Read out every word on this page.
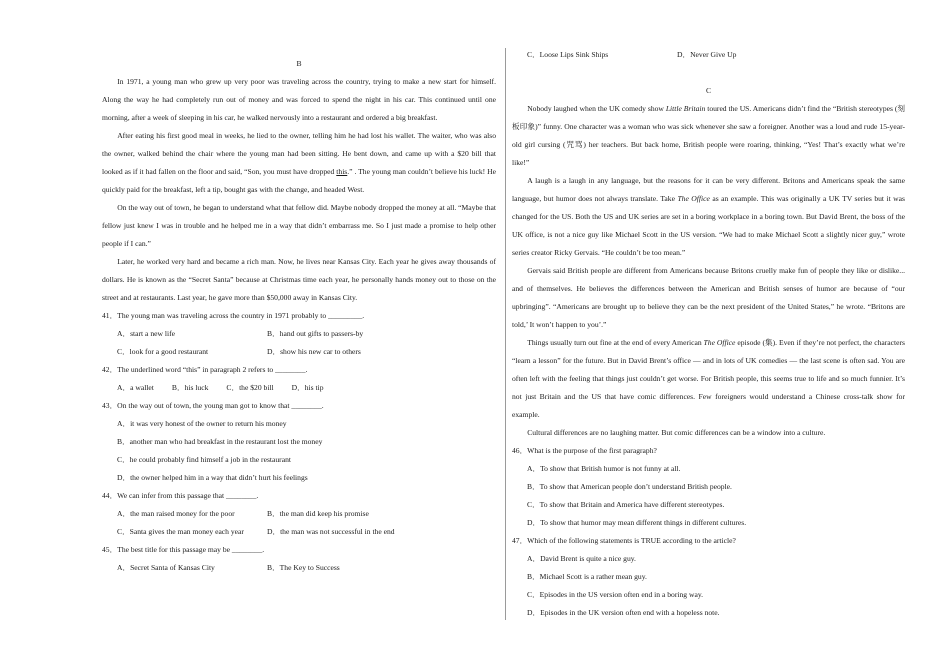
B

In 1971, a young man who grew up very poor was traveling across the country, trying to make a new start for himself. Along the way he had completely run out of money and was forced to spend the night in his car. This continued until one morning, after a week of sleeping in his car, he walked nervously into a restaurant and ordered a big breakfast.

After eating his first good meal in weeks, he lied to the owner, telling him he had lost his wallet. The waiter, who was also the owner, walked behind the chair where the young man had been sitting. He bent down, and came up with a $20 bill that looked as if it had fallen on the floor and said, “Son, you must have dropped this.” . The young man couldn’t believe his luck! He quickly paid for the breakfast, left a tip, bought gas with the change, and headed West.

On the way out of town, he began to understand what that fellow did. Maybe nobody dropped the money at all. “Maybe that fellow just knew I was in trouble and he helped me in a way that didn’t embarrass me. So I just made a promise to help other people if I can.”

Later, he worked very hard and became a rich man. Now, he lives near Kansas City. Each year he gives away thousands of dollars. He is known as the “Secret Santa” because at Christmas time each year, he personally hands money out to those on the street and at restaurants. Last year, he gave more than $50,000 away in Kansas City.

41．The young man was traveling across the country in 1971 probably to _________.
A．start a new life	B．hand out gifts to passers-by
C．look for a good restaurant	D．show his new car to others
42．The underlined word “this” in paragraph 2 refers to ________.
A．a wallet B．his luck C．the $20 bill D．his tip
43．On the way out of town, the young man got to know that ________.
A．it was very honest of the owner to return his money
B．another man who had breakfast in the restaurant lost the money
C．he could probably find himself a job in the restaurant
D．the owner helped him in a way that didn’t hurt his feelings
44．We can infer from this passage that ________.
A．the man raised money for the poor	B．the man did keep his promise
C．Santa gives the man money each year	D．the man was not successful in the end
45．The best title for this passage may be ________.
A．Secret Santa of Kansas City	B．The Key to Success
C．Loose Lips Sink Ships	D．Never Give Up
C

Nobody laughed when the UK comedy show Little Britain toured the US. Americans didn’t find the “British stereotypes (刻板印象)” funny. One character was a woman who was sick whenever she saw a foreigner. Another was a loud and rude 15-year-old girl cursing (咒骂) her teachers. But back home, British people were roaring, thinking, “Yes! That’s exactly what we’re like!”

A laugh is a laugh in any language, but the reasons for it can be very different. Britons and Americans speak the same language, but humor does not always translate. Take The Office as an example. This was originally a UK TV series but it was changed for the US. Both the US and UK series are set in a boring workplace in a boring town. But David Brent, the boss of the UK office, is not a nice guy like Michael Scott in the US version. “We had to make Michael Scott a slightly nicer guy,” wrote series creator Ricky Gervais. “He couldn’t be too mean.”

Gervais said British people are different from Americans because Britons cruelly make fun of people they like or dislike... and of themselves. He believes the differences between the American and British senses of humor are because of “our upbringing”. “Americans are brought up to believe they can be the next president of the United States,” he wrote. “Britons are told,’ It won’t happen to you’.”

Things usually turn out fine at the end of every American The Office episode (集). Even if they’re not perfect, the characters “learn a lesson” for the future. But in David Brent’s office — and in lots of UK comedies — the last scene is often sad. You are often left with the feeling that things just couldn’t get worse. For British people, this seems true to life and so much funnier. It’s not just Britain and the US that have comic differences. Few foreigners would understand a Chinese cross-talk show for example.

Cultural differences are no laughing matter. But comic differences can be a window into a culture.

46．What is the purpose of the first paragraph?
A．To show that British humor is not funny at all.
B．To show that American people don’t understand British people.
C．To show that Britain and America have different stereotypes.
D．To show that humor may mean different things in different cultures.
47．Which of the following statements is TRUE according to the article?
A．David Brent is quite a nice guy.
B．Michael Scott is a rather mean guy.
C．Episodes in the US version often end in a boring way.
D．Episodes in the UK version often end with a hopeless note.
